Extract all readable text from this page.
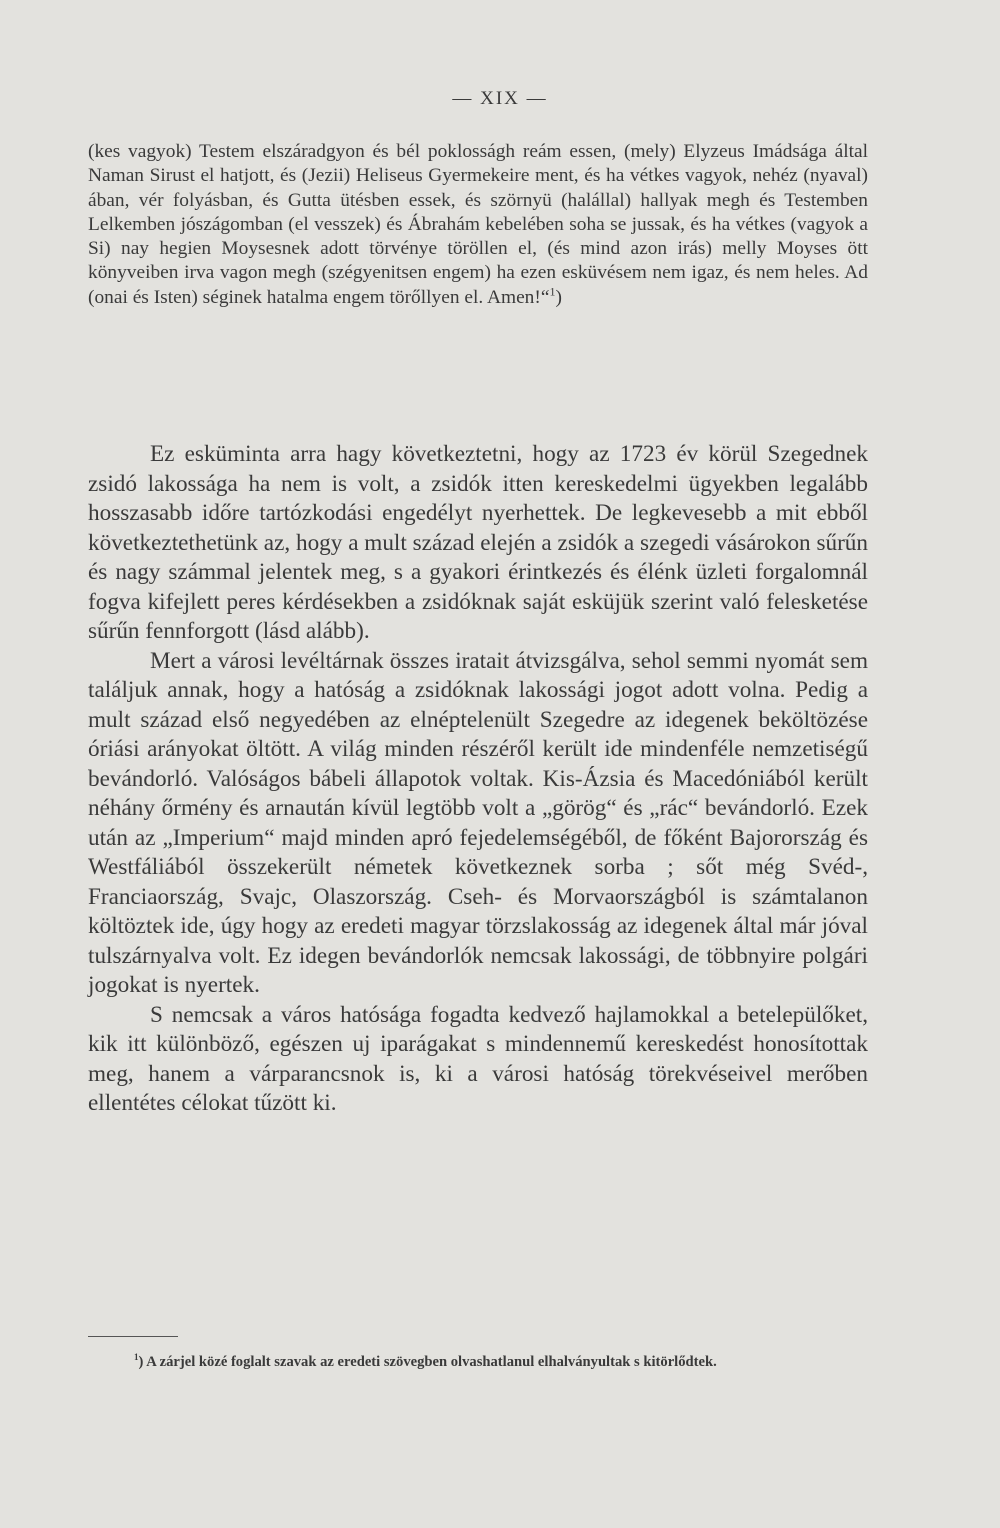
— XIX —

(kes vagyok) Testem elszáradgyon és bél poklosságh reám essen, (mely) Elyzeus Imádsága által Naman Sirust el hatjott, és (Jezii) Heliseus Gyermekeire ment, és ha vétkes vagyok, nehéz (nyaval) ában, vér folyásban, és Gutta ütésben essek, és szörnyü (halállal) hallyak megh és Testemben Lelkemben jószágomban (el vesszek) és Ábrahám kebelében soha se jussak, és ha vétkes (vagyok a Si) nay hegien Moysesnek adott törvénye töröllen el, (és mind azon irás) melly Moyses ött könyveiben irva vagon megh (szégyenitsen engem) ha ezen esküvésem nem igaz, és nem heles. Ad (onai és Isten) séginek hatalma engem törőllyen el. Amen!“$^1$)

Ez esküminta arra hagy következtetni, hogy az 1723 év körül Szegednek zsidó lakossága ha nem is volt, a zsidók itten kereskedelmi ügyekben legalább hosszasabb időre tartózkodási engedélyt nyerhettek. De legkevesebb a mit ebből következtethetünk az, hogy a mult század elején a zsidók a szegedi vásárokon sűrűn és nagy számmal jelentek meg, s a gyakori érintkezés és élénk üzleti forgalomnál fogva kifejlett peres kérdésekben a zsidóknak saját esküjük szerint való felesketése sűrűn fennforgott (lásd alább).

Mert a városi levéltárnak összes iratait átvizsgálva, sehol semmi nyomát sem találjuk annak, hogy a hatóság a zsidóknak lakossági jogot adott volna. Pedig a mult század első negyedében az elnéptelenült Szegedre az idegenek beköltözése óriási arányokat öltött. A világ minden részéről került ide mindenféle nemzetiségű bevándorló. Valóságos bábeli állapotok voltak. Kis-Ázsia és Macedóniából került néhány őrmény és arnaután kívül legtöbb volt a „görög“ és „rác“ bevándorló. Ezek után az „Imperium“ majd minden apró fejedelemségéből, de főként Bajorország és Westfáliából összekerült németek következnek sorba ; sőt még Svéd-, Franciaország, Svajc, Olaszország. Cseh- és Morvaországból is számtalanon költöztek ide, úgy hogy az eredeti magyar törzslakosság az idegenek által már jóval tulszárnyalva volt. Ez idegen bevándorlók nemcsak lakossági, de többnyire polgári jogokat is nyertek.

S nemcsak a város hatósága fogadta kedvező hajlamokkal a betelepülőket, kik itt különböző, egészen uj iparágakat s mindennemű kereskedést honosítottak meg, hanem a várparancsnok is, ki a városi hatóság törekvéseivel merőben ellentétes célokat tűzött ki.

$^1$) A zárjel közé foglalt szavak az eredeti szövegben olvashatlanul elhalványultak s kitörlődtek.
